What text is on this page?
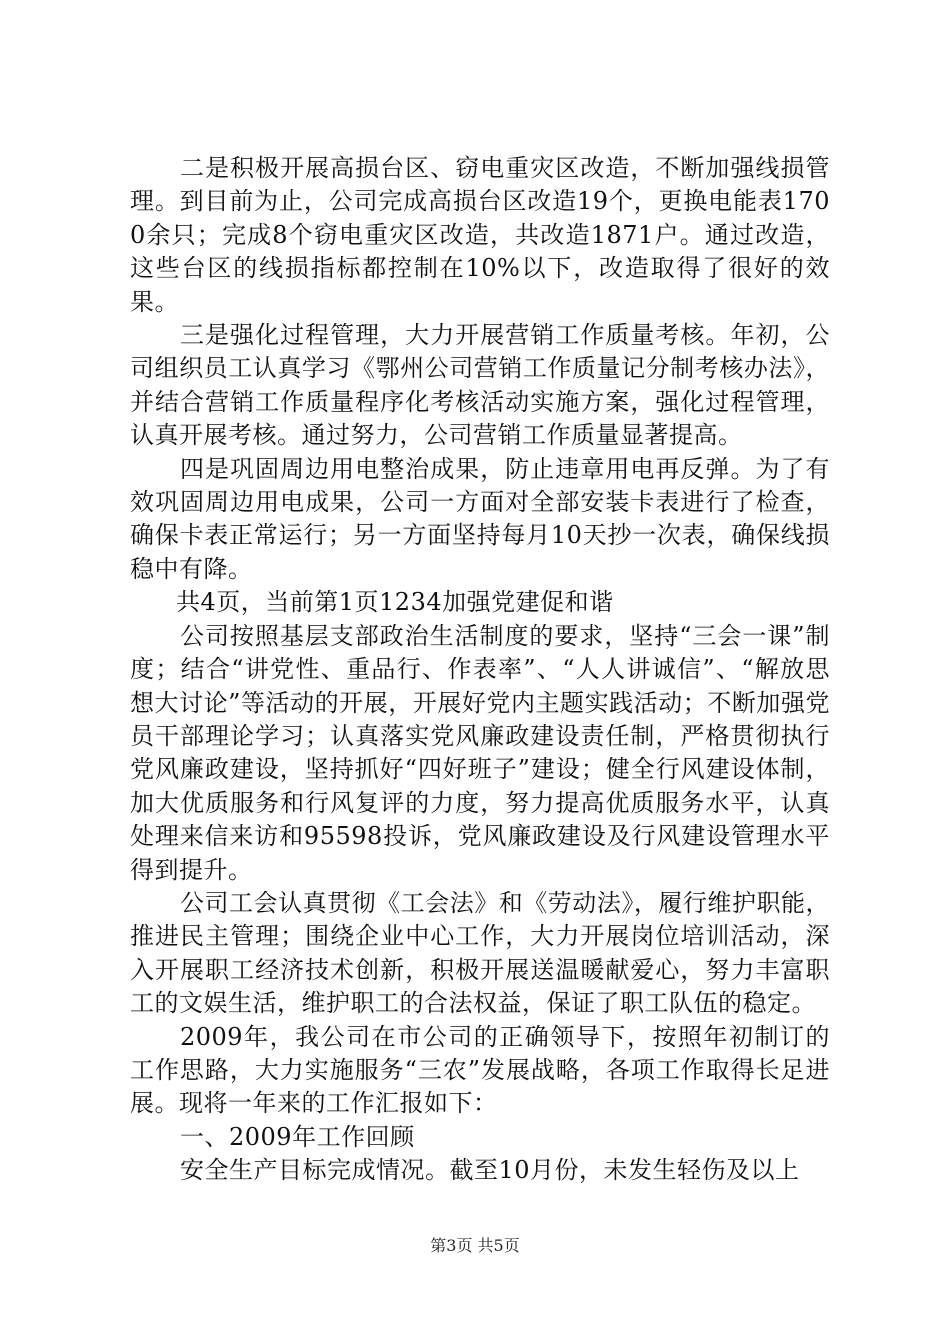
二是积极开展高损台区、窃电重灾区改造，不断加强线损管理。到目前为止，公司完成高损台区改造19个，更换电能表1700余只；完成8个窃电重灾区改造，共改造1871户。通过改造，这些台区的线损指标都控制在10%以下，改造取得了很好的效果。

三是强化过程管理，大力开展营销工作质量考核。年初，公司组织员工认真学习《鄂州公司营销工作质量记分制考核办法》，并结合营销工作质量程序化考核活动实施方案，强化过程管理，认真开展考核。通过努力，公司营销工作质量显著提高。

四是巩固周边用电整治成果，防止违章用电再反弹。为了有效巩固周边用电成果，公司一方面对全部安装卡表进行了检查，确保卡表正常运行；另一方面坚持每月10天抄一次表，确保线损稳中有降。

共4页，当前第1页1234加强党建促和谐

公司按照基层支部政治生活制度的要求，坚持“三会一课”制度；结合“讲党性、重品行、作表率”、“人人讲诚信”、“解放思想大讨论”等活动的开展，开展好党内主题实践活动；不断加强党员干部理论学习；认真落实党风廉政建设责任制，严格贯彻执行党风廉政建设，坚持抓好“四好班子”建设；健全行风建设体制，加大优质服务和行风复评的力度，努力提高优质服务水平，认真处理来信来访和95598投诉，党风廉政建设及行风建设管理水平得到提升。

公司工会认真贯彻《工会法》和《劳动法》，履行维护职能，推进民主管理；围绕企业中心工作，大力开展岗位培训活动，深入开展职工经济技术创新，积极开展送温暖献爱心，努力丰富职工的文娱生活，维护职工的合法权益，保证了职工队伍的稳定。

2009年，我公司在市公司的正确领导下，按照年初制订的工作思路，大力实施服务“三农”发展战略，各项工作取得长足进展。现将一年来的工作汇报如下：

一、2009年工作回顾

安全生产目标完成情况。截至10月份，未发生轻伤及以上

第3页 共5页
